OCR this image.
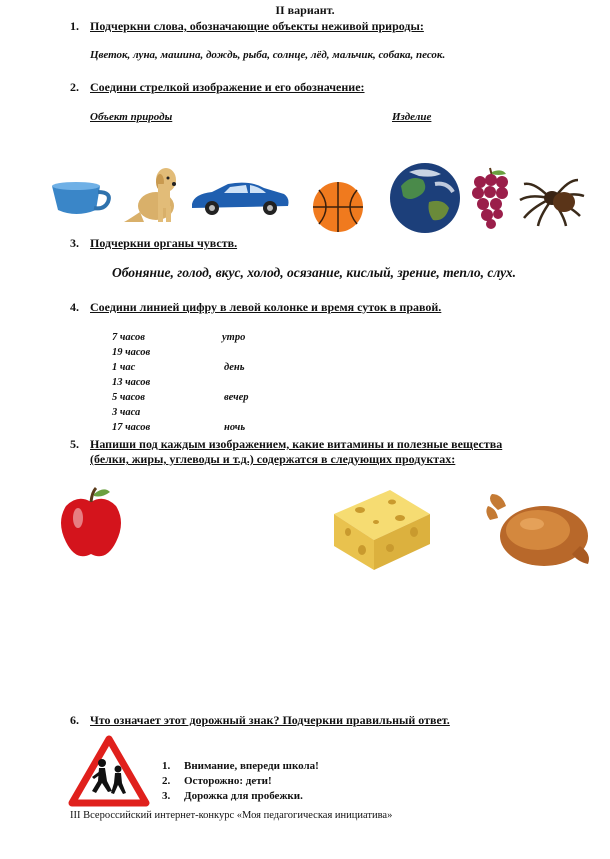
II вариант.
1. Подчеркни слова, обозначающие объекты неживой природы:
Цветок, луна, машина, дождь, рыба, солнце, лёд, мальчик, собака, песок.
2. Соедини стрелкой изображение и его обозначение:
Объект природы	Изделие
3. Подчеркни органы чувств.
Обоняние, голод, вкус, холод, осязание, кислый, зрение, тепло, слух.
4. Соедини линией цифру в левой колонке и время суток в правой.
7 часов
19 часов
1 час
13 часов
5 часов
3 часа
17 часов
утро
день
вечер
ночь
5. Напиши под каждым изображением, какие витамины и полезные вещества
(белки, жиры, углеводы и т.д.) содержатся в следующих продуктах:
6. Что означает этот дорожный знак? Подчеркни правильный ответ.
1. Внимание, впереди школа!
2. Осторожно: дети!
3. Дорожка для пробежки.
III Всероссийский интернет-конкурс «Моя педагогическая инициатива»
